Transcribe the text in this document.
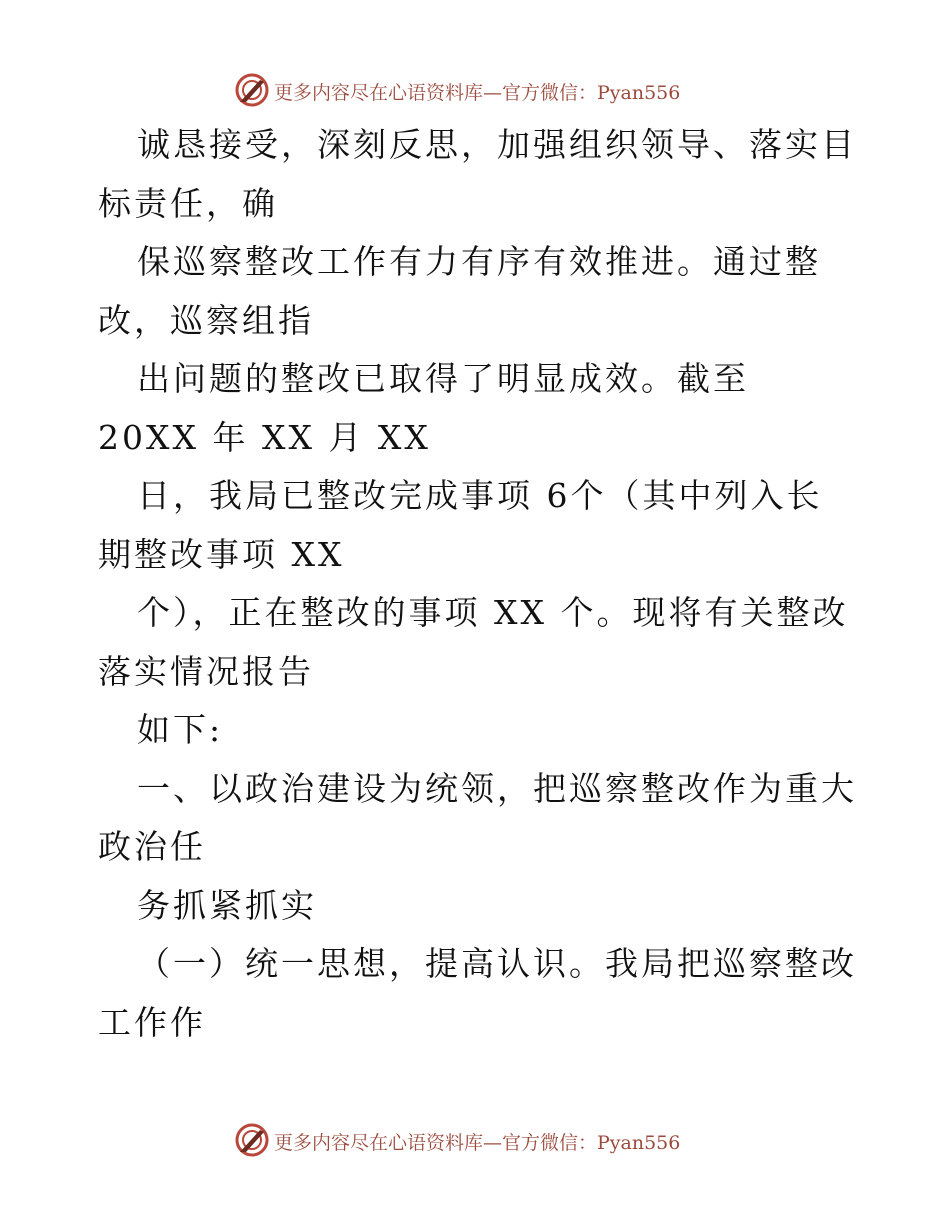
更多内容尽在心语资料库—官方微信：Pyan556

诚恳接受，深刻反思，加强组织领导、落实目标责任，确

保巡察整改工作有力有序有效推进。通过整改，巡察组指

出问题的整改已取得了明显成效。截至 20XX 年 XX 月 XX

日，我局已整改完成事项 6个（其中列入长期整改事项 XX

个），正在整改的事项 XX 个。现将有关整改落实情况报告

如下:

一、以政治建设为统领，把巡察整改作为重大政治任

务抓紧抓实

（一）统一思想，提高认识。我局把巡察整改工作作

更多内容尽在心语资料库—官方微信：Pyan556
